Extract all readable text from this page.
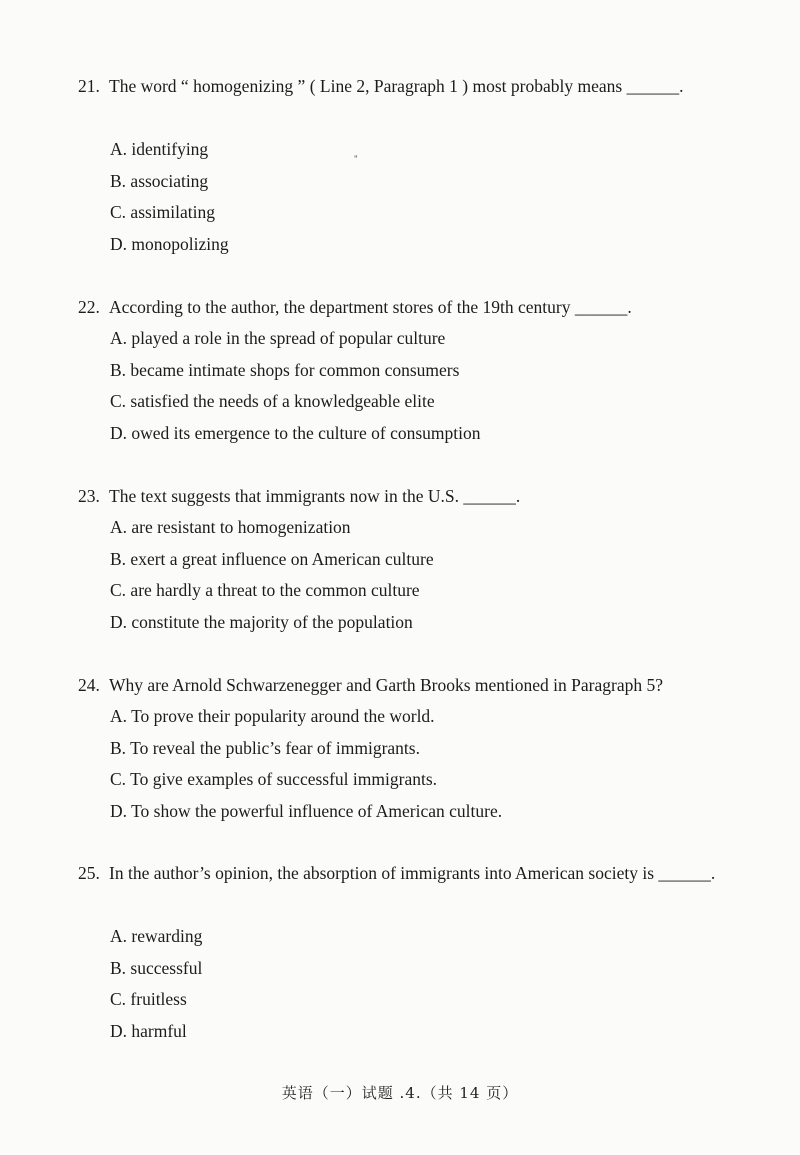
"

21. The word “ homogenizing ” ( Line 2, Paragraph 1 ) most probably means ______.

A. identifying
B. associating
C. assimilating
D. monopolizing

22. According to the author, the department stores of the 19th century ______.

A. played a role in the spread of popular culture
B. became intimate shops for common consumers
C. satisfied the needs of a knowledgeable elite
D. owed its emergence to the culture of consumption

23. The text suggests that immigrants now in the U.S. ______.

A. are resistant to homogenization
B. exert a great influence on American culture
C. are hardly a threat to the common culture
D. constitute the majority of the population

24. Why are Arnold Schwarzenegger and Garth Brooks mentioned in Paragraph 5?

A. To prove their popularity around the world.
B. To reveal the public’s fear of immigrants.
C. To give examples of successful immigrants.
D. To show the powerful influence of American culture.

25. In the author’s opinion, the absorption of immigrants into American society is ______.

A. rewarding
B. successful
C. fruitless
D. harmful
英语（一）试题 .4.（共 14 页）
